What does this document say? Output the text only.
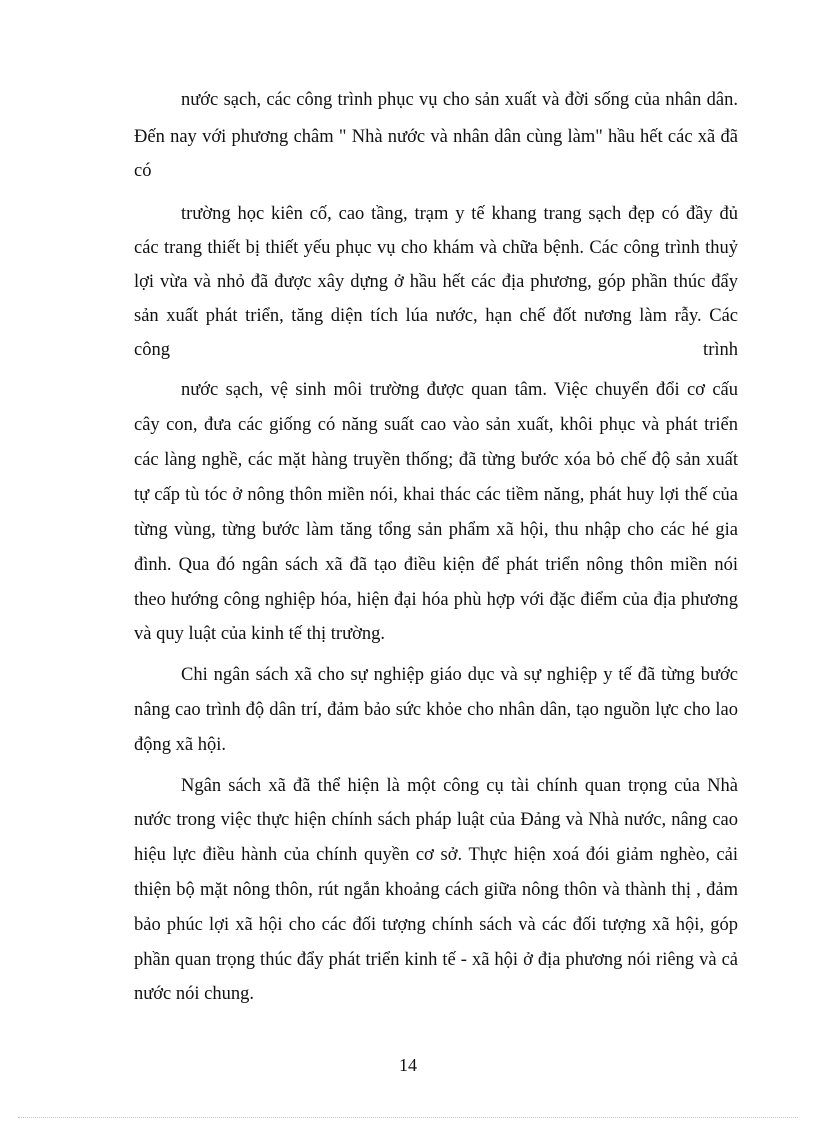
nước sạch, các công trình phục vụ cho sản xuất và đời sống của nhân dân.

Đến nay với phương châm " Nhà nước và nhân dân cùng làm" hầu hết các xã đã

có

trường học kiên cố, cao tầng, trạm y tế khang trang sạch đẹp có đầy đủ

các trang thiết bị thiết yếu phục vụ cho khám và chữa bệnh. Các công trình thuỷ

lợi vừa và nhỏ đã được xây dựng ở hầu hết các địa phương, góp phần thúc đẩy

sản xuất phát triển, tăng diện tích lúa nước, hạn chế đốt nương làm rẫy. Các

công trình

nước sạch, vệ sinh môi trường được quan tâm. Việc chuyển đổi cơ cấu

cây con, đưa các giống có năng suất cao vào sản xuất, khôi phục và phát triển

các làng nghề, các mặt hàng truyền thống; đã từng bước xóa bỏ chế độ sản xuất

tự cấp tù tóc ở nông thôn miền nói, khai thác các tiềm năng, phát huy lợi thế của

từng vùng, từng bước làm tăng tổng sản phẩm xã hội, thu nhập cho các hé gia

đình. Qua đó ngân sách xã đã tạo điều kiện để phát triển nông thôn miền nói

theo hướng công nghiệp hóa, hiện đại hóa phù hợp với đặc điểm của địa phương

và quy luật của kinh tế thị trường.

Chi ngân sách xã cho sự nghiệp giáo dục và sự nghiệp y tế đã từng bước

nâng cao trình độ dân trí, đảm bảo sức khỏe cho nhân dân, tạo nguồn lực cho lao

động xã hội.

Ngân sách xã đã thể hiện là một công cụ tài chính quan trọng của Nhà

nước trong việc thực hiện chính sách pháp luật của Đảng và Nhà nước, nâng cao

hiệu lực điều hành của chính quyền cơ sở. Thực hiện xoá đói giảm nghèo, cải

thiện bộ mặt nông thôn, rút ngắn khoảng cách giữa nông thôn và thành thị , đảm

bảo phúc lợi xã hội cho các đối tượng chính sách và các đối tượng xã hội, góp

phần quan trọng thúc đẩy phát triển kinh tế - xã hội ở địa phương nói riêng và cả

nước nói chung.

14
